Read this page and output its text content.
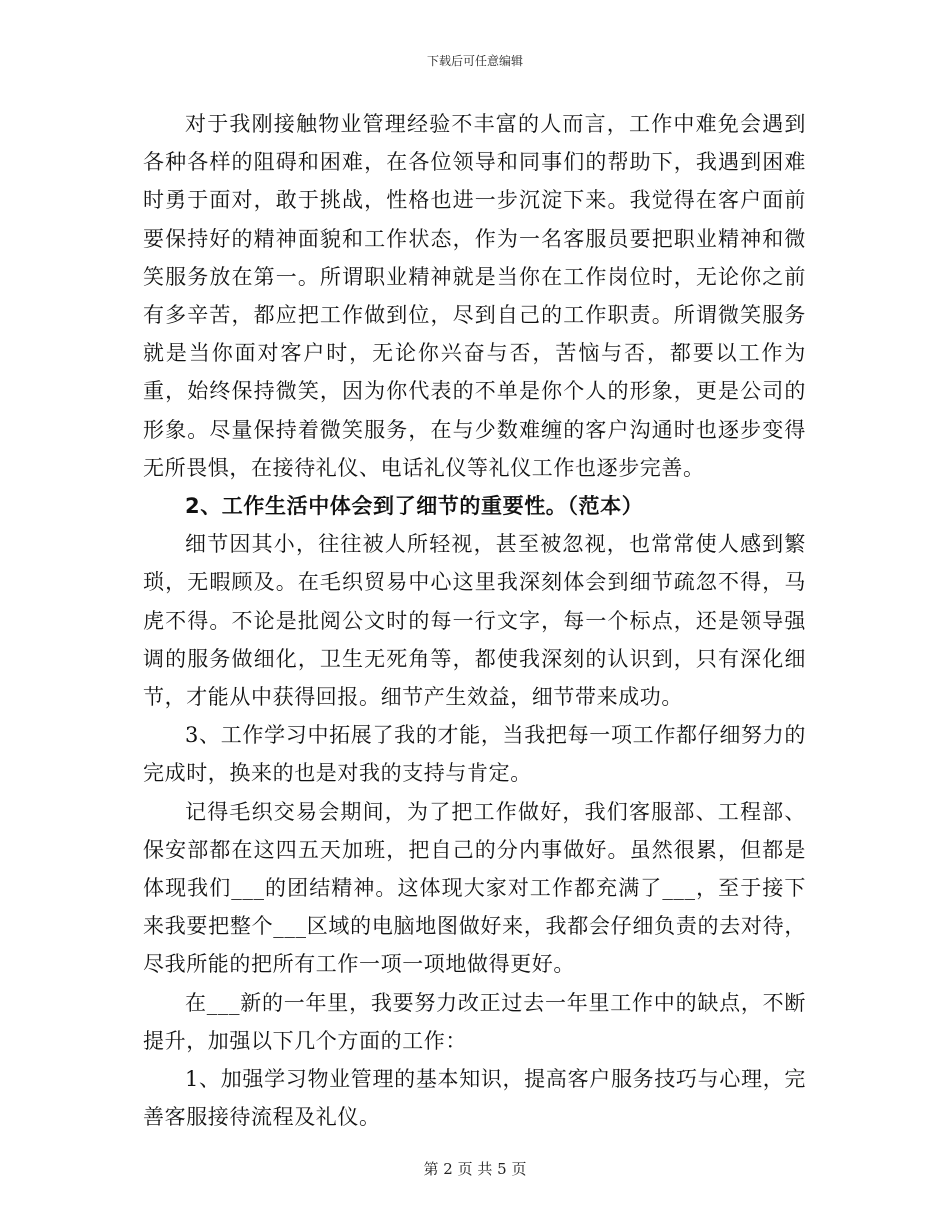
下载后可任意编辑

对于我刚接触物业管理经验不丰富的人而言，工作中难免会遇到各种各样的阻碍和困难，在各位领导和同事们的帮助下，我遇到困难时勇于面对，敢于挑战，性格也进一步沉淀下来。我觉得在客户面前要保持好的精神面貌和工作状态，作为一名客服员要把职业精神和微笑服务放在第一。所谓职业精神就是当你在工作岗位时，无论你之前有多辛苦，都应把工作做到位，尽到自己的工作职责。所谓微笑服务就是当你面对客户时，无论你兴奋与否，苦恼与否，都要以工作为重，始终保持微笑，因为你代表的不单是你个人的形象，更是公司的形象。尽量保持着微笑服务，在与少数难缠的客户沟通时也逐步变得无所畏惧，在接待礼仪、电话礼仪等礼仪工作也逐步完善。

2、工作生活中体会到了细节的重要性。（范本）

细节因其小，往往被人所轻视，甚至被忽视，也常常使人感到繁琐，无暇顾及。在毛织贸易中心这里我深刻体会到细节疏忽不得，马虎不得。不论是批阅公文时的每一行文字，每一个标点，还是领导强调的服务做细化，卫生无死角等，都使我深刻的认识到，只有深化细节，才能从中获得回报。细节产生效益，细节带来成功。

3、工作学习中拓展了我的才能，当我把每一项工作都仔细努力的完成时，换来的也是对我的支持与肯定。

记得毛织交易会期间，为了把工作做好，我们客服部、工程部、保安部都在这四五天加班，把自己的分内事做好。虽然很累，但都是体现我们___的团结精神。这体现大家对工作都充满了___，至于接下来我要把整个___区域的电脑地图做好来，我都会仔细负责的去对待，尽我所能的把所有工作一项一项地做得更好。

在___新的一年里，我要努力改正过去一年里工作中的缺点，不断提升，加强以下几个方面的工作：

1、加强学习物业管理的基本知识，提高客户服务技巧与心理，完善客服接待流程及礼仪。

第 2 页 共 5 页
